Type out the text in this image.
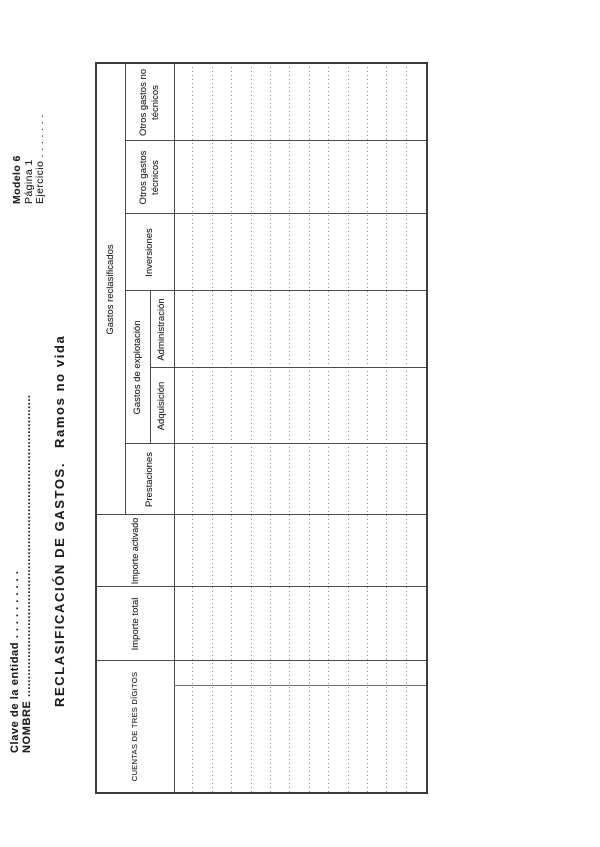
Clave de la entidad . . . . . . . . . .
NOMBRE ..................................................................................... RECLASIFICACIÓN DE GASTOS.Ramos no vida
Modelo 6 Página 1 Ejercicio . . . . . . .
CUENTAS DE TRES DÍGITOS
Importe total
Importe activado
Gastos reclasificados
Prestaciones
Gastos de explotación Adquisición
Administración
Inversiones
Otros gastos técnicos
Otros gastos no técnicos
